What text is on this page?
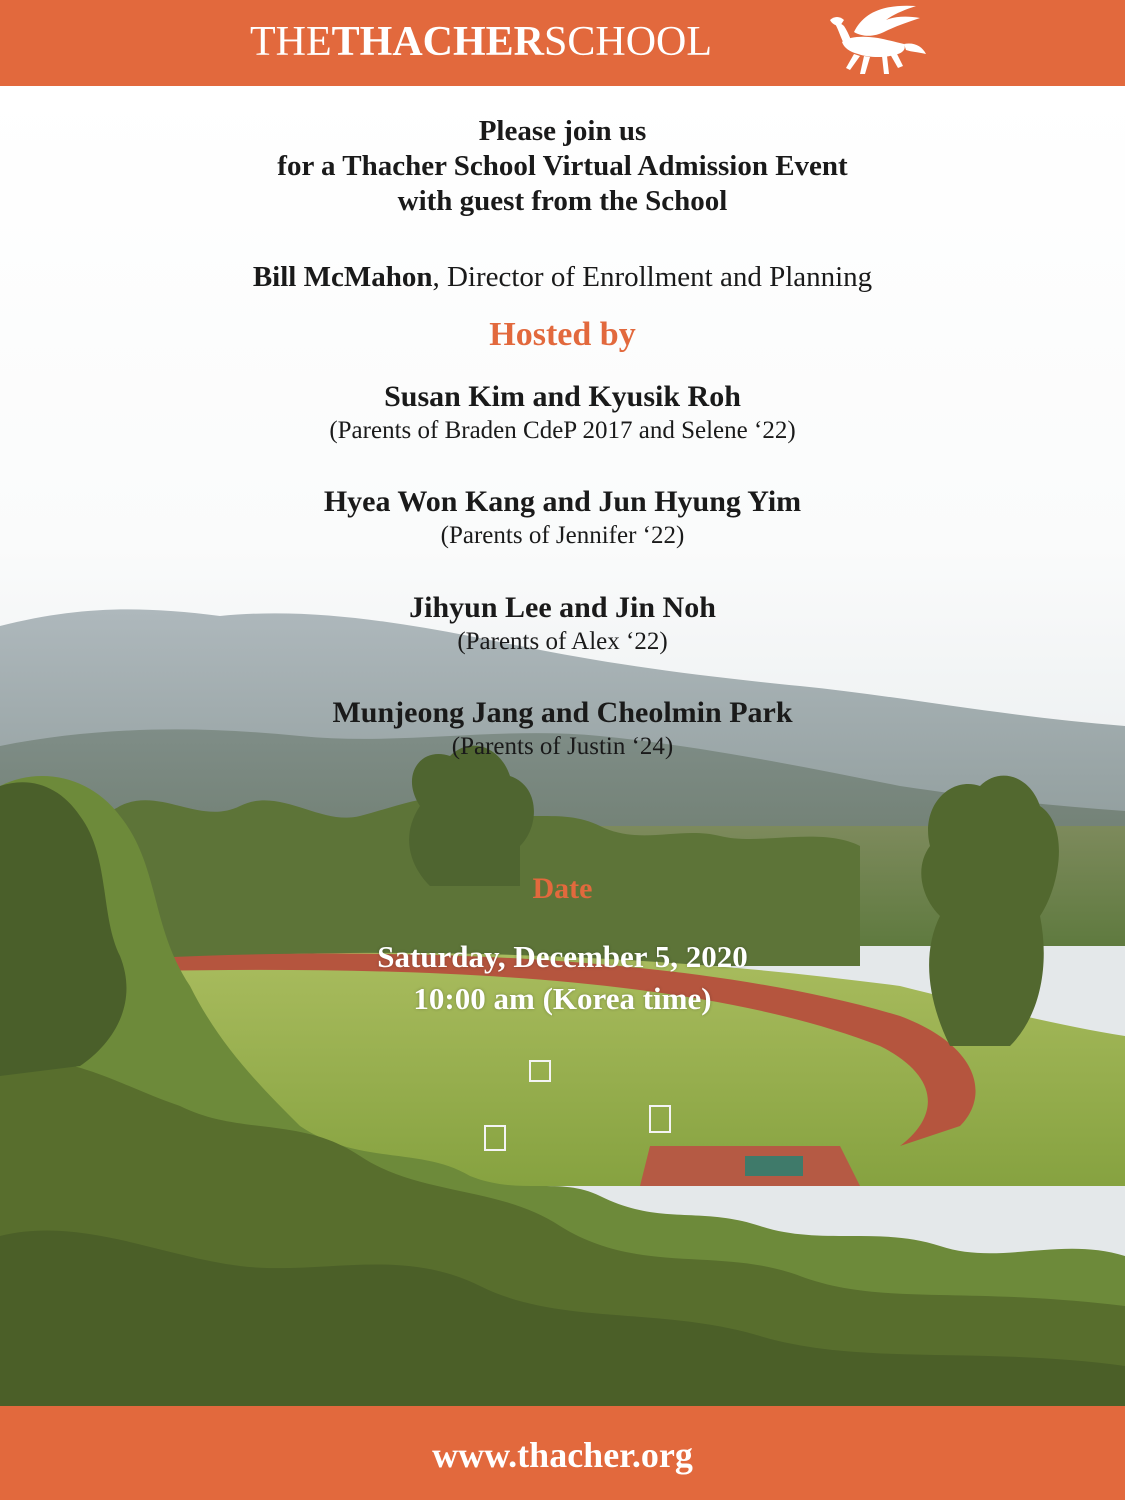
THE THACHER SCHOOL
Please join us
for a Thacher School Virtual Admission Event
with guest from the School
Bill McMahon, Director of Enrollment and Planning
Hosted by
Susan Kim and Kyusik Roh
(Parents of Braden CdeP 2017 and Selene ‘22)
Hyea Won Kang and Jun Hyung Yim
(Parents of Jennifer ‘22)
Jihyun Lee and Jin Noh
(Parents of Alex ‘22)
Munjeong Jang and Cheolmin Park
(Parents of Justin ‘24)
Date
Saturday, December 5, 2020
10:00 am (Korea time)
www.thacher.org
